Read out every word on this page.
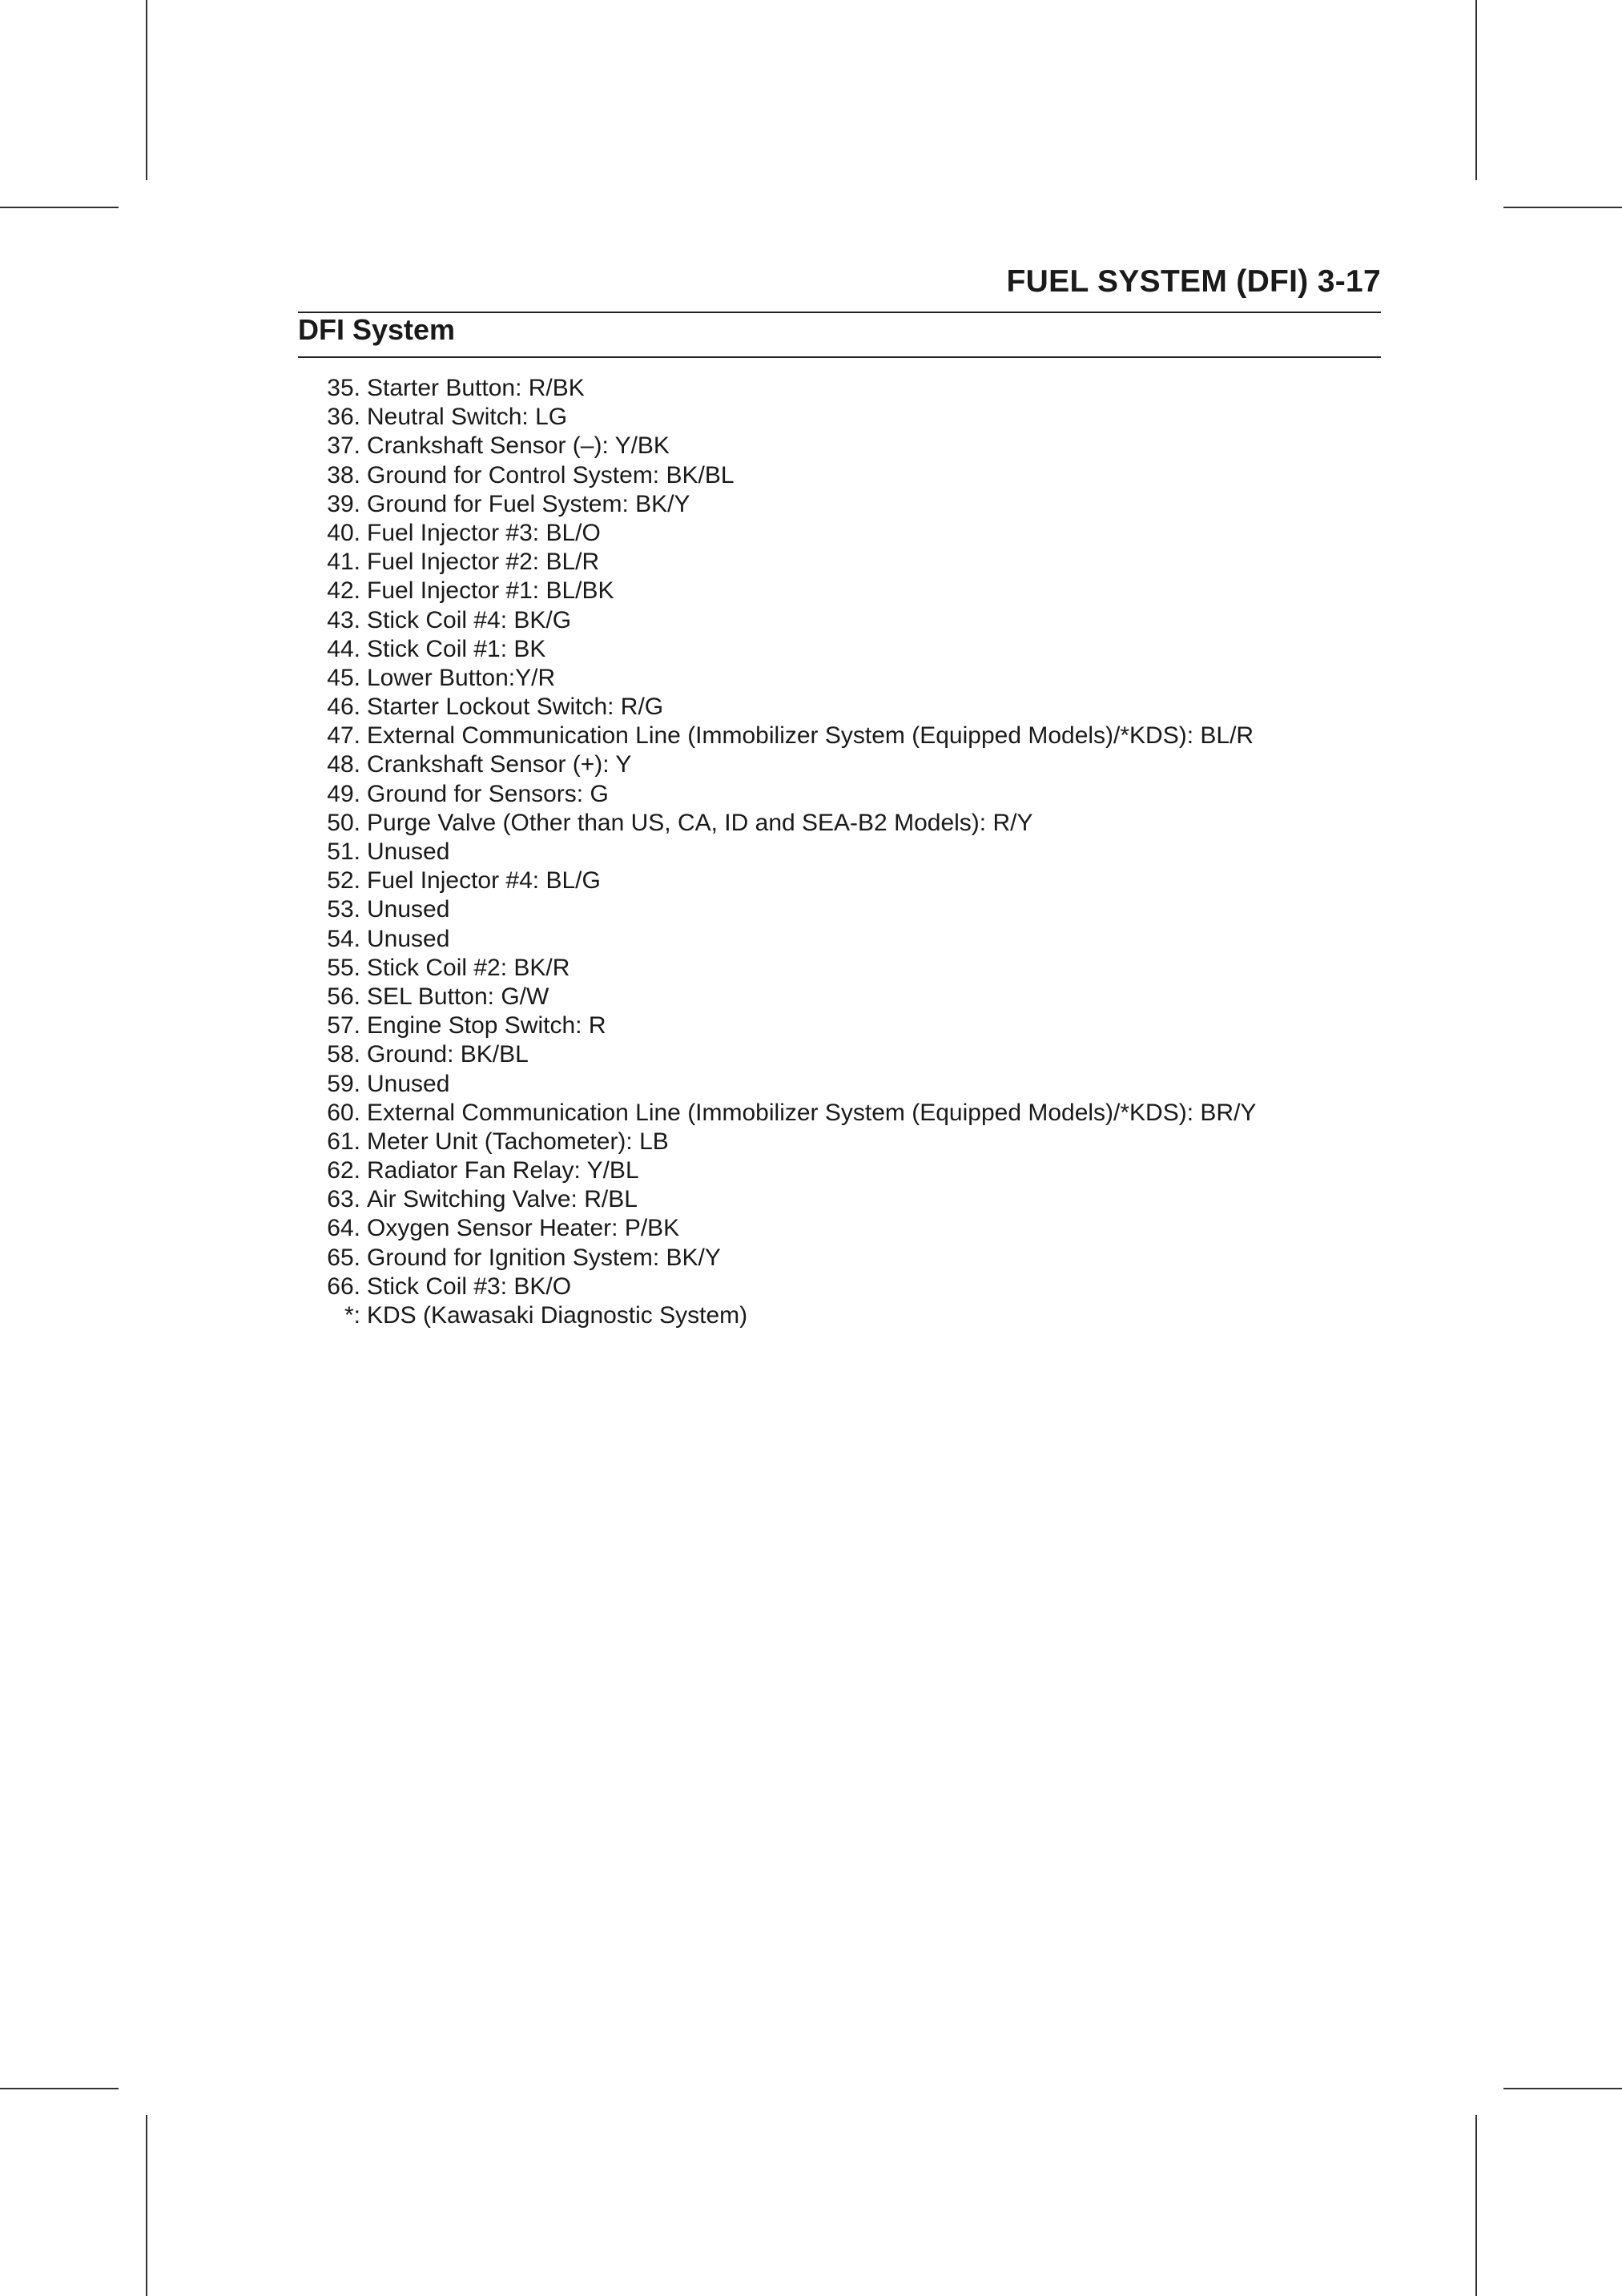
FUEL SYSTEM (DFI) 3-17
DFI System
35. Starter Button: R/BK
36. Neutral Switch: LG
37. Crankshaft Sensor (–): Y/BK
38. Ground for Control System: BK/BL
39. Ground for Fuel System: BK/Y
40. Fuel Injector #3: BL/O
41. Fuel Injector #2: BL/R
42. Fuel Injector #1: BL/BK
43. Stick Coil #4: BK/G
44. Stick Coil #1: BK
45. Lower Button:Y/R
46. Starter Lockout Switch: R/G
47. External Communication Line (Immobilizer System (Equipped Models)/*KDS): BL/R
48. Crankshaft Sensor (+): Y
49. Ground for Sensors: G
50. Purge Valve (Other than US, CA, ID and SEA-B2 Models): R/Y
51. Unused
52. Fuel Injector #4: BL/G
53. Unused
54. Unused
55. Stick Coil #2: BK/R
56. SEL Button: G/W
57. Engine Stop Switch: R
58. Ground: BK/BL
59. Unused
60. External Communication Line (Immobilizer System (Equipped Models)/*KDS): BR/Y
61. Meter Unit (Tachometer): LB
62. Radiator Fan Relay: Y/BL
63. Air Switching Valve: R/BL
64. Oxygen Sensor Heater: P/BK
65. Ground for Ignition System: BK/Y
66. Stick Coil #3: BK/O
*: KDS (Kawasaki Diagnostic System)
